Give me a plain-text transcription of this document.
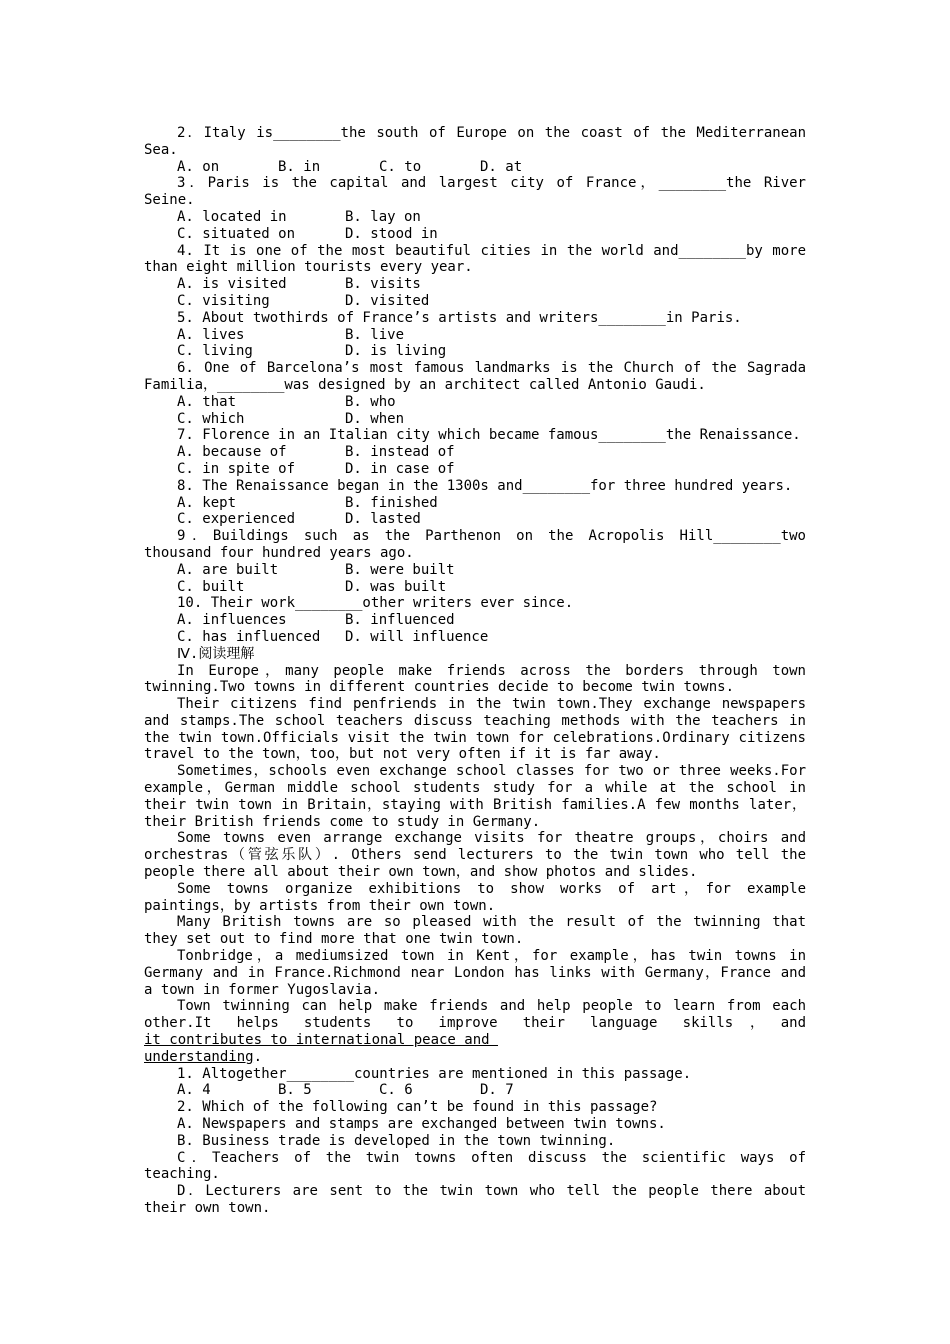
2．Italy is________the south of Europe on the coast of the Mediterranean Sea.

A. on	B. in	C. to	D. at

3．Paris is the capital and largest city of France，________the River Seine.

A. located in	B. lay on
C. situated on	D. stood in

4. It is one of the most beautiful cities in the world and________by more than eight million tourists every year.

A. is visited	B. visits
C. visiting	D. visited

5. About twothirds of France’s artists and writers________in Paris.

A. lives	B. live
C. living	D. is living

6. One of Barcelona’s most famous landmarks is the Church of the Sagrada Familia，________was designed by an architect called Antonio Gaudi.

A. that	B. who
C. which	D. when

7. Florence in an Italian city which became famous________the Renaissance.

A. because of	B. instead of
C. in spite of	D. in case of

8. The Renaissance began in the 1300s and________for three hundred years.

A. kept	B. finished
C. experienced	D. lasted

9．Buildings such as the Parthenon on the Acropolis Hill________two thousand four hundred years ago.

A. are built	B. were built
C. built	D. was built

10. Their work________other writers ever since.

A. influences	B. influenced
C. has influenced	D. will influence

Ⅳ.阅读理解

In Europe，many people make friends across the borders through town twinning.Two towns in different countries decide to become twin towns.

Their citizens find penfriends in the twin town.They exchange newspapers and stamps.The school teachers discuss teaching methods with the teachers in the twin town.Officials visit the twin town for celebrations.Ordinary citizens travel to the town，too，but not very often if it is far away.

Sometimes，schools even exchange school classes for two or three weeks.For example，German middle school students study for a while at the school in their twin town in Britain，staying with British families.A few months later，their British friends come to study in Germany.

Some towns even arrange exchange visits for theatre groups，choirs and orchestras（管弦乐队）. Others send lecturers to the twin town who tell the people there all about their own town，and show photos and slides.

Some towns organize exhibitions to show works of art，for example paintings，by artists from their own town.

Many British towns are so pleased with the result of the twinning that they set out to find more that one twin town.

Tonbridge，a mediumsized town in Kent，for example，has twin towns in Germany and in France.Richmond near London has links with Germany，France and a town in former Yugoslavia.

Town twinning can help make friends and help people to learn from each other.It helps students to improve their language skills，and

it contributes to international peace and

understanding.

1. Altogether________countries are mentioned in this passage.

A. 4	B. 5	C. 6	D. 7

2. Which of the following can’t be found in this passage?

A. Newspapers and stamps are exchanged between twin towns.

B. Business trade is developed in the town twinning.

C．Teachers of the twin towns often discuss the scientific ways of teaching.

D．Lecturers are sent to the twin town who tell the people there about their own town.
